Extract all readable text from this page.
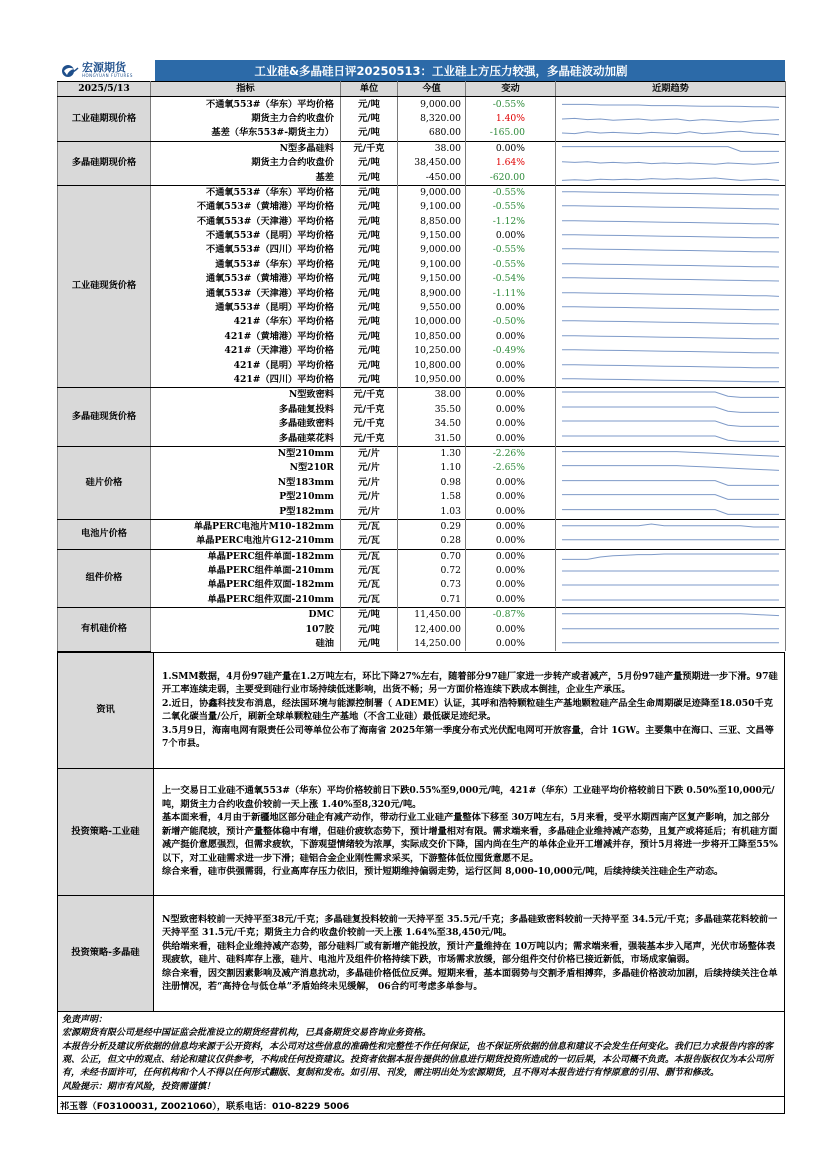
宏源期货
HONGYUAN FUTURES	工业硅&多晶硅日评20250513：工业硅上方压力较强，多晶硅波动加剧
2025/5/13	指标	单位	今值	变动	近期趋势
工业硅期现价格	不通氧553#（华东）平均价格	元/吨	9,000.00	-0.55%	

	期货主力合约收盘价	元/吨	8,320.00	1.40%	

	基差（华东553#-期货主力）	元/吨	680.00	-165.00	

多晶硅期现价格	N型多晶硅料	元/千克	38.00	0.00%	

	期货主力合约收盘价	元/吨	38,450.00	1.64%	

	基差	元/吨	-450.00	-620.00	

工业硅现货价格	不通氧553#（华东）平均价格	元/吨	9,000.00	-0.55%	

	不通氧553#（黄埔港）平均价格	元/吨	9,100.00	-0.55%	

	不通氧553#（天津港）平均价格	元/吨	8,850.00	-1.12%	

	不通氧553#（昆明）平均价格	元/吨	9,150.00	0.00%	

	不通氧553#（四川）平均价格	元/吨	9,000.00	-0.55%	

	通氧553#（华东）平均价格	元/吨	9,100.00	-0.55%	

	通氧553#（黄埔港）平均价格	元/吨	9,150.00	-0.54%	

	通氧553#（天津港）平均价格	元/吨	8,900.00	-1.11%	

	通氧553#（昆明）平均价格	元/吨	9,550.00	0.00%	

	421#（华东）平均价格	元/吨	10,000.00	-0.50%	

	421#（黄埔港）平均价格	元/吨	10,850.00	0.00%	

	421#（天津港）平均价格	元/吨	10,250.00	-0.49%	

	421#（昆明）平均价格	元/吨	10,800.00	0.00%	

	421#（四川）平均价格	元/吨	10,950.00	0.00%	

多晶硅现货价格	N型致密料	元/千克	38.00	0.00%	

	多晶硅复投料	元/千克	35.50	0.00%	

	多晶硅致密料	元/千克	34.50	0.00%	

	多晶硅菜花料	元/千克	31.50	0.00%	

硅片价格	N型210mm	元/片	1.30	-2.26%	

	N型210R	元/片	1.10	-2.65%	

	N型183mm	元/片	0.98	0.00%	

	P型210mm	元/片	1.58	0.00%	

	P型182mm	元/片	1.03	0.00%	

电池片价格	单晶PERC电池片M10-182mm	元/瓦	0.29	0.00%	

	单晶PERC电池片G12-210mm	元/瓦	0.28	0.00%	

组件价格	单晶PERC组件单面-182mm	元/瓦	0.70	0.00%	

	单晶PERC组件单面-210mm	元/瓦	0.72	0.00%	

	单晶PERC组件双面-182mm	元/瓦	0.73	0.00%	

	单晶PERC组件双面-210mm	元/瓦	0.71	0.00%	

有机硅价格	DMC	元/吨	11,450.00	-0.87%	

	107胶	元/吨	12,400.00	0.00%	

	硅油	元/吨	14,250.00	0.00%	
资讯	1.SMM数据，4月份97硅产量在1.2万吨左右，环比下降27%左右，随着部分97硅厂家进一步转产或者减产，5月份97硅产量预期进一步下滑。97硅开工率连续走弱，主要受到硅行业市场持续低迷影响，出货不畅；另一方面价格连续下跌成本倒挂，企业生产承压。
2.近日，协鑫科技发布消息，经法国环境与能源控制署（ ADEME）认证，其呼和浩特颗粒硅生产基地颗粒硅产品全生命周期碳足迹降至18.050千克二氧化碳当量/公斤，刷新全球单颗粒硅生产基地（不含工业硅）最低碳足迹纪录。
3.5月9日，海南电网有限责任公司等单位公布了海南省 2025年第一季度分布式光伏配电网可开放容量，合计 1GW。主要集中在海口、三亚、文昌等7个市县。

投资策略-工业硅	上一交易日工业硅不通氧553#（华东）平均价格较前日下跌0.55%至9,000元/吨，421#（华东）工业硅平均价格较前日下跌 0.50%至10,000元/吨，期货主力合约收盘价较前一天上涨 1.40%至8,320元/吨。
基本面来看，4月由于新疆地区部分硅企有减产动作，带动行业工业硅产量整体下移至 30万吨左右，5月来看，受平水期西南产区复产影响，加之部分新增产能爬坡，预计产量整体稳中有增，但硅价疲软态势下，预计增量相对有限。需求端来看，多晶硅企业维持减产态势，且复产或将延后；有机硅方面减产挺价意愿强烈，但需求疲软，下游观望情绪较为浓厚，实际成交价下降，国内尚在生产的单体企业开工增减并存，预计5月将进一步将开工降至55%以下，对工业硅需求进一步下滑；硅铝合金企业刚性需求采买，下游整体低位囤货意愿不足。
综合来看，硅市供强需弱，行业高库存压力依旧，预计短期维持偏弱走势，运行区间 8,000-10,000元/吨，后续持续关注硅企生产动态。

投资策略-多晶硅	N型致密料较前一天持平至38元/千克；多晶硅复投料较前一天持平至 35.5元/千克；多晶硅致密料较前一天持平至 34.5元/千克；多晶硅菜花料较前一天持平至 31.5元/千克；期货主力合约收盘价较前一天上涨 1.64%至38,450元/吨。
供给端来看，硅料企业维持减产态势，部分硅料厂或有新增产能投放，预计产量维持在 10万吨以内；需求端来看，强装基本步入尾声，光伏市场整体表现疲软，硅片、硅料库存上涨，硅片、电池片及组件价格持续下跌，市场需求放缓，部分组件交付价格已接近新低，市场成家偏弱。
综合来看，因交割因素影响及减产消息扰动，多晶硅价格低位反弹。短期来看，基本面弱势与交割矛盾相搏弈，多晶硅价格波动加剧，后续持续关注仓单注册情况，若“高持仓与低仓单”矛盾始终未见缓解， 06合约可考虑多单参与。
免责声明：
宏源期货有限公司是经中国证监会批准设立的期货经营机构，已具备期货交易咨询业务资格。
本报告分析及建议所依据的信息均来源于公开资料，本公司对这些信息的准确性和完整性不作任何保证，也不保证所依据的信息和建议不会发生任何变化。我们已力求报告内容的客观、公正，但文中的观点、结论和建议仅供参考，不构成任何投资建议。投资者依据本报告提供的信息进行期货投资所造成的一切后果，本公司概不负责。本报告版权仅为本公司所有，未经书面许可，任何机构和个人不得以任何形式翻版、复制和发布。如引用、刊发，需注明出处为宏源期货，且不得对本报告进行有悖原意的引用、删节和修改。
风险提示：期市有风险，投资需谨慎！
祁玉蓉（F03100031, Z0021060），联系电话：010-8229 5006
